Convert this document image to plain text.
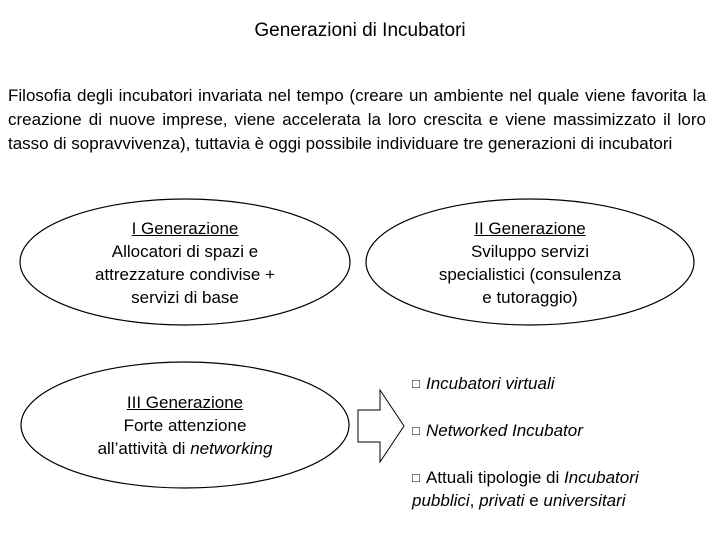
Generazioni di Incubatori
Filosofia degli incubatori invariata nel tempo (creare un ambiente nel quale viene favorita la creazione di nuove imprese, viene accelerata la loro crescita e viene massimizzato il loro tasso di sopravvivenza), tuttavia è oggi possibile individuare tre generazioni di incubatori
I Generazione
Allocatori di spazi e
attrezzature condivise +
servizi di base
II Generazione
Sviluppo servizi
specialistici (consulenza
e tutoraggio)
III Generazione
Forte attenzione
all’attività di networking
□ Incubatori virtuali
□ Networked Incubator
□ Attuali tipologie di Incubatori
pubblici, privati e universitari
